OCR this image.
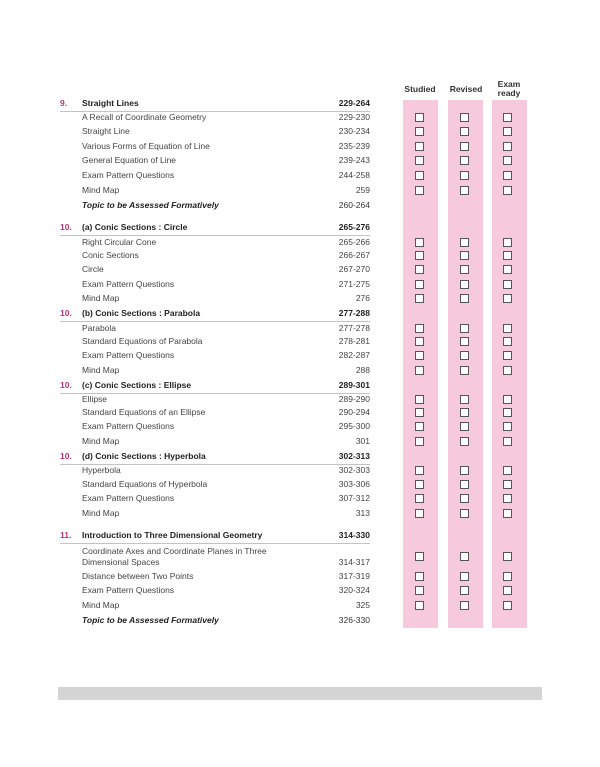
Studied Revised	Exam
ready
9.	Straight Lines	229-264
A Recall of Coordinate Geometry	229-230
Straight Line	230-234
Various Forms of Equation of Line	235-239
General Equation of Line	239-243
Exam Pattern Questions	244-258
Mind Map	259
Topic to be Assessed Formatively	260-264
10.	(a) Conic Sections : Circle	265-276
Right Circular Cone	265-266
Conic Sections	266-267
Circle	267-270
Exam Pattern Questions	271-275
Mind Map	276
10.	(b) Conic Sections : Parabola	277-288
Parabola	277-278
Standard Equations of Parabola	278-281
Exam Pattern Questions	282-287
Mind Map	288
10.	(c) Conic Sections : Ellipse	289-301
Ellipse	289-290
Standard Equations of an Ellipse	290-294
Exam Pattern Questions	295-300
Mind Map	301
10.	(d) Conic Sections : Hyperbola	302-313
Hyperbola	302-303
Standard Equations of Hyperbola	303-306
Exam Pattern Questions	307-312
Mind Map	313
11.	Introduction to Three Dimensional Geometry	314-330
Coordinate Axes and Coordinate Planes in Three Dimensional Spaces	314-317
Distance between Two Points	317-319
Exam Pattern Questions	320-324
Mind Map	325
Topic to be Assessed Formatively	326-330
